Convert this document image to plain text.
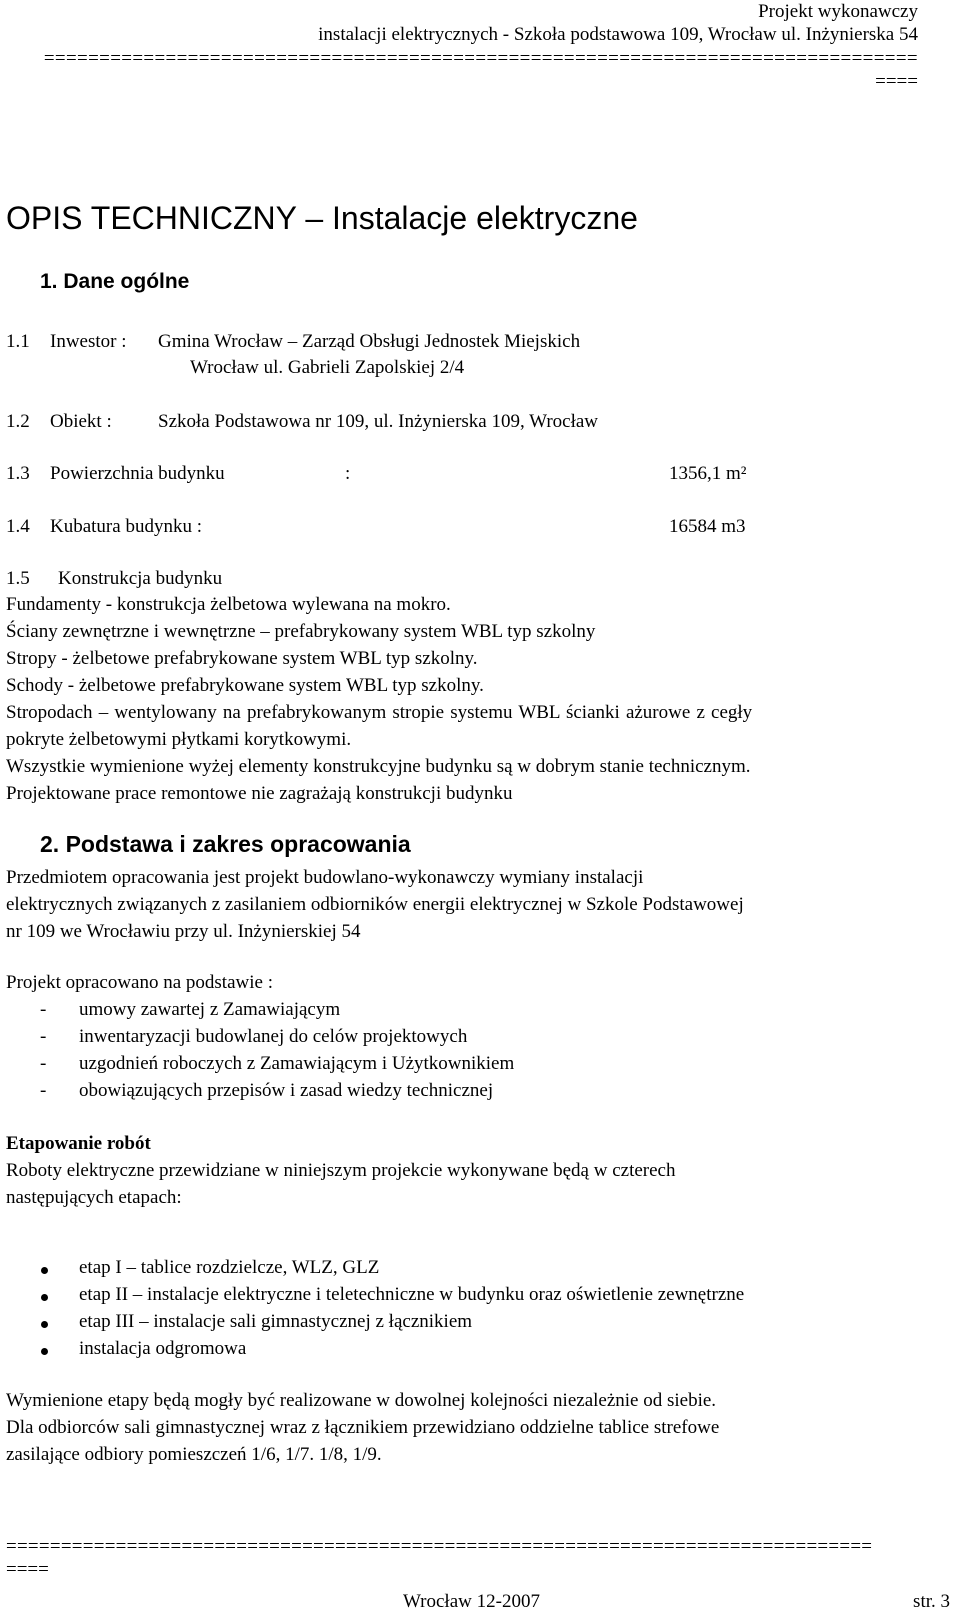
Projekt wykonawczy
instalacji elektrycznych - Szkoła podstawowa 109, Wrocław ul. Inżynierska 54
===============================================================================
====
OPIS TECHNICZNY – Instalacje elektryczne
1. Dane ogólne
1.1 Inwestor : Gmina Wrocław – Zarząd Obsługi Jednostek Miejskich
Wrocław ul. Gabrieli Zapolskiej 2/4
1.2 Obiekt : Szkoła Podstawowa nr 109, ul. Inżynierska 109, Wrocław
1.3 Powierzchnia budynku	:	1356,1 m²
1.4 Kubatura budynku :	16584 m3
1.5 Konstrukcja budynku
Fundamenty - konstrukcja żelbetowa wylewana na mokro.
Ściany zewnętrzne i wewnętrzne – prefabrykowany system WBL typ szkolny
Stropy - żelbetowe prefabrykowane system WBL typ szkolny.
Schody - żelbetowe prefabrykowane system WBL typ szkolny.
Stropodach – wentylowany na prefabrykowanym stropie systemu WBL ścianki ażurowe z cegły
pokryte żelbetowymi płytkami korytkowymi.
Wszystkie wymienione wyżej elementy konstrukcyjne budynku są w dobrym stanie technicznym.
Projektowane prace remontowe nie zagrażają konstrukcji budynku
2. Podstawa i zakres opracowania
Przedmiotem opracowania jest projekt budowlano-wykonawczy wymiany instalacji
elektrycznych związanych z zasilaniem odbiorników energii elektrycznej w Szkole Podstawowej
nr 109 we Wrocławiu przy ul. Inżynierskiej 54
Projekt opracowano na podstawie :
- umowy zawartej z Zamawiającym
- inwentaryzacji budowlanej do celów projektowych
- uzgodnień roboczych z Zamawiającym i Użytkownikiem
- obowiązujących przepisów i zasad wiedzy technicznej
Etapowanie robót
Roboty elektryczne przewidziane w niniejszym projekcie wykonywane będą w czterech
następujących etapach:
etap I – tablice rozdzielcze, WLZ, GLZ
etap II – instalacje elektryczne i teletechniczne w budynku oraz oświetlenie zewnętrzne
etap III – instalacje sali gimnastycznej z łącznikiem
instalacja odgromowa
Wymienione etapy będą mogły być realizowane w dowolnej kolejności niezależnie od siebie.
Dla odbiorców sali gimnastycznej wraz z łącznikiem przewidziano oddzielne tablice strefowe
zasilające odbiory pomieszczeń 1/6, 1/7. 1/8, 1/9.
===============================================================================
====
Wrocław 12-2007	str. 3
